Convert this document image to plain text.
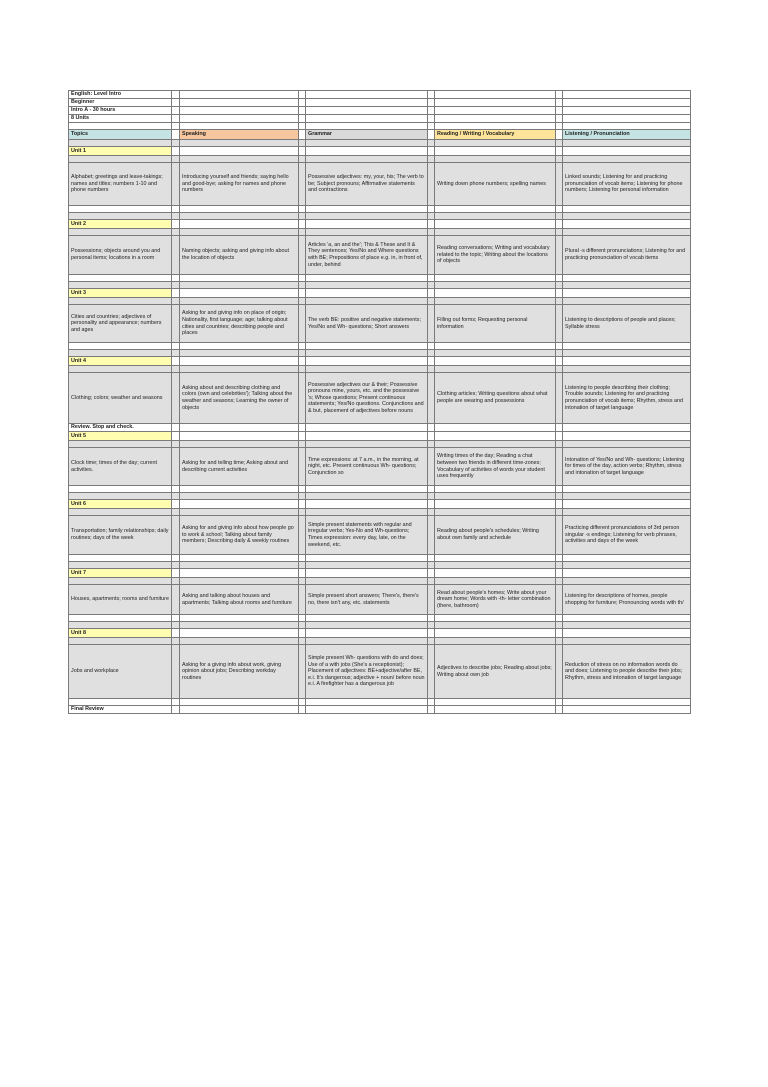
English: Level Intro								
Beginner								
Intro A - 30 hours								
8 Units								

Topics		Speaking		Grammar		Reading / Writing / Vocabulary		Listening / Pronunciation

Unit 1								

Alphabet; greetings and leave-takings; names and titles; numbers 1-10 and phone numbers		Introducing yourself and friends; saying hello and good-bye; asking for names and phone numbers		Possessive adjectives: my, your, his; The verb to be; Subject pronouns; Affirmative statements and contractions		Writing down phone numbers; spelling names		Linked sounds; Listening for and practicing pronunciation of vocab items; Listening for phone numbers; Listening for personal information

Unit 2								

Possessions; objects around you and personal items; locations in a room		Naming objects; asking and giving info about the location of objects		Articles 'a, an and the'; This & These and It & They sentences; Yes/No and Where questions with BE; Prepositions of place e.g. in, in front of, under, behind		Reading conversations; Writing and vocabulary related to the topic; Writing about the locations of objects		Plural -s different pronunciations; Listening for and practicing pronunciation of vocab items

Unit 3								

Cities and countries; adjectives of personality and appearance; numbers and ages		Asking for and giving info on place of origin; Nationality, first language; age; talking about cities and countries; describing people and places		The verb BE: positive and negative statements; Yes/No and Wh- questions; Short answers		Filling out forms; Requesting personal information		Listening to descriptions of people and places; Syllable stress

Unit 4								

Clothing; colors; weather and seasons		Asking about and describing clothing and colors (own and celebrities'); Talking about the weather and seasons; Learning the owner of objects		Possessive adjectives our & their; Possessive pronouns mine, yours, etc. and the possessive 's; Whose questions; Present continuous statements; Yes/No questions. Conjunctions and & but, placement of adjectives before nouns		Clothing articles; Writing questions about what people are wearing and possessions		Listening to people describing their clothing; Trouble sounds; Listening for and practicing pronunciation of vocab items; Rhythm, stress and intonation of target language
Review. Stop and check.								
Unit 5								

Clock time; times of the day; current activities.		Asking for and telling time; Asking about and describing current activities		Time expressions: at 7 a.m., in the morning, at night, etc. Present continuous Wh- questions; Conjunction so		Writing times of the day; Reading a chat between two friends in different time-zones; Vocabulary of activities of words your student uses frequently		Intonation of Yes/No and Wh- questions; Listening for times of the day, action verbs; Rhythm, stress and intonation of target language

Unit 6								

Transportation; family relationships; daily routines; days of the week		Asking for and giving info about how people go to work & school; Talking about family members; Describing daily & weekly routines		Simple present statements with regular and irregular verbs; Yes-No and Wh-questions; Times expression: every day, late, on the weekend, etc.		Reading about people's schedules; Writing about own family and schedule		Practicing different pronunciations of 3rd person singular -s endings; Listening for verb phrases, activities and days of the week

Unit 7								

Houses, apartments; rooms and furniture		Asking and talking about houses and apartments; Talking about rooms and furniture		Simple present short answers; There's, there's no, there isn't any, etc. statements		Read about people's homes; Write about your dream home; Words with -th- letter combination (there, bathroom)		Listening for descriptions of homes, people shopping for furniture; Pronouncing words with th/

Unit 8								

Jobs and workplace		Asking for a giving info about work, giving opinion about jobs; Describing workday routines		Simple present Wh- questions with do and does; Use of a with jobs (She's a receptionist); Placement of adjectives: BE+adjective/after BE, e.i. It's dangerous; adjective + noun/ before noun e.i. A firefighter has a dangerous job		Adjectives to describe jobs; Reading about jobs; Writing about own job		Reduction of stress on no information words do and does; Listening to people describe their jobs; Rhythm, stress and intonation of target language

Final Review								
